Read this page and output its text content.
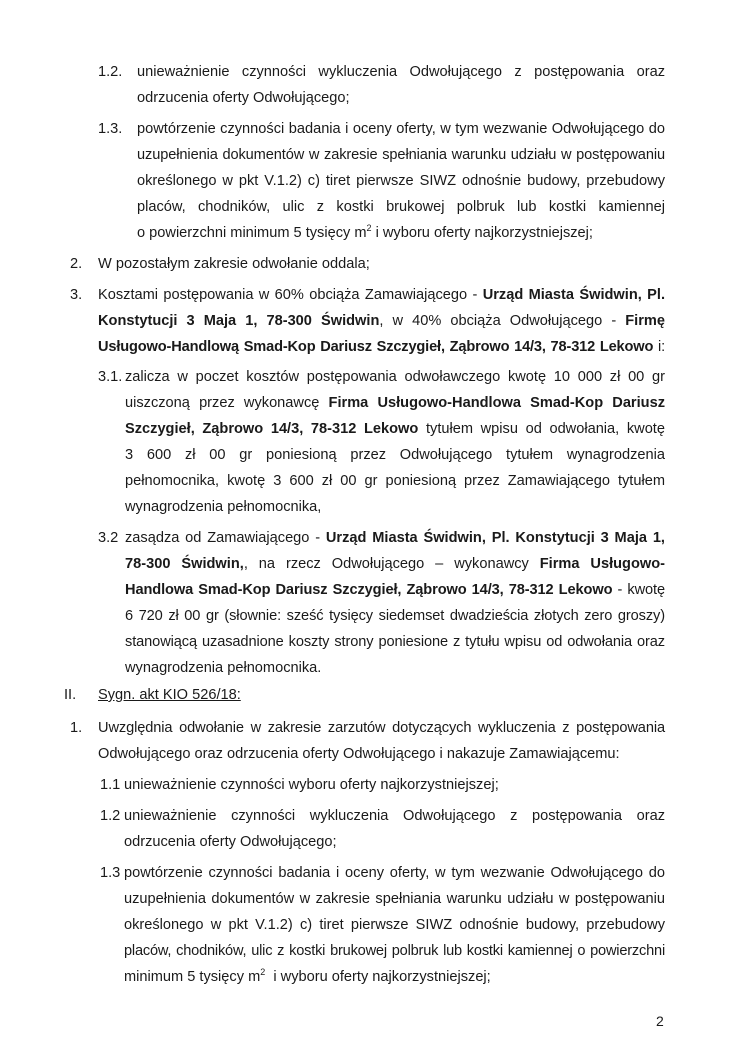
1.2. unieważnienie czynności wykluczenia Odwołującego z postępowania oraz
odrzucenia oferty Odwołującego;
1.3. powtórzenie czynności badania i oceny oferty, w tym wezwanie Odwołującego do
uzupełnienia dokumentów w zakresie spełniania warunku udziału w postępowaniu
określonego w pkt V.1.2) c) tiret pierwsze SIWZ odnośnie budowy, przebudowy
placów, chodników, ulic z kostki brukowej polbruk lub kostki kamiennej
o powierzchni minimum 5 tysięcy $m^2$ i wyboru oferty najkorzystniejszej;
2. W pozostałym zakresie odwołanie oddala;
3. Kosztami postępowania w 60% obciąża Zamawiającego - Urząd Miasta Świdwin, Pl.
Konstytucji 3 Maja 1, 78-300 Świdwin, w 40% obciąża Odwołującego - Firmę
Usługowo-Handlową Smad-Kop Dariusz Szczygieł, Ząbrowo 14/3, 78-312 Lekowo i:
3.1. zalicza w poczet kosztów postępowania odwoławczego kwotę 10 000 zł 00 gr
uiszczoną przez wykonawcę Firma Usługowo-Handlowa Smad-Kop Dariusz
Szczygieł, Ząbrowo 14/3, 78-312 Lekowo tytułem wpisu od odwołania, kwotę
3 600 zł 00 gr poniesioną przez Odwołującego tytułem wynagrodzenia
pełnomocnika, kwotę 3 600 zł 00 gr poniesioną przez Zamawiającego tytułem
wynagrodzenia pełnomocnika,
3.2 zasądza od Zamawiającego - Urząd Miasta Świdwin, Pl. Konstytucji 3 Maja 1,
78-300 Świdwin,, na rzecz Odwołującego – wykonawcy Firma Usługowo-
Handlowa Smad-Kop Dariusz Szczygieł, Ząbrowo 14/3, 78-312 Lekowo - kwotę
6 720 zł 00 gr (słownie: sześć tysięcy siedemset dwadzieścia złotych zero groszy)
stanowiącą uzasadnione koszty strony poniesione z tytułu wpisu od odwołania oraz
wynagrodzenia pełnomocnika.
II. Sygn. akt KIO 526/18:
1. Uwzględnia odwołanie w zakresie zarzutów dotyczących wykluczenia z postępowania
Odwołującego oraz odrzucenia oferty Odwołującego i nakazuje Zamawiającemu:
1.1 unieważnienie czynności wyboru oferty najkorzystniejszej;
1.2 unieważnienie czynności wykluczenia Odwołującego z postępowania oraz
odrzucenia oferty Odwołującego;
1.3 powtórzenie czynności badania i oceny oferty, w tym wezwanie Odwołującego do
uzupełnienia dokumentów w zakresie spełniania warunku udziału w postępowaniu
określonego w pkt V.1.2) c) tiret pierwsze SIWZ odnośnie budowy, przebudowy
placów, chodników, ulic z kostki brukowej polbruk lub kostki kamiennej o powierzchni
minimum 5 tysięcy $m^2$  i wyboru oferty najkorzystniejszej;
2
